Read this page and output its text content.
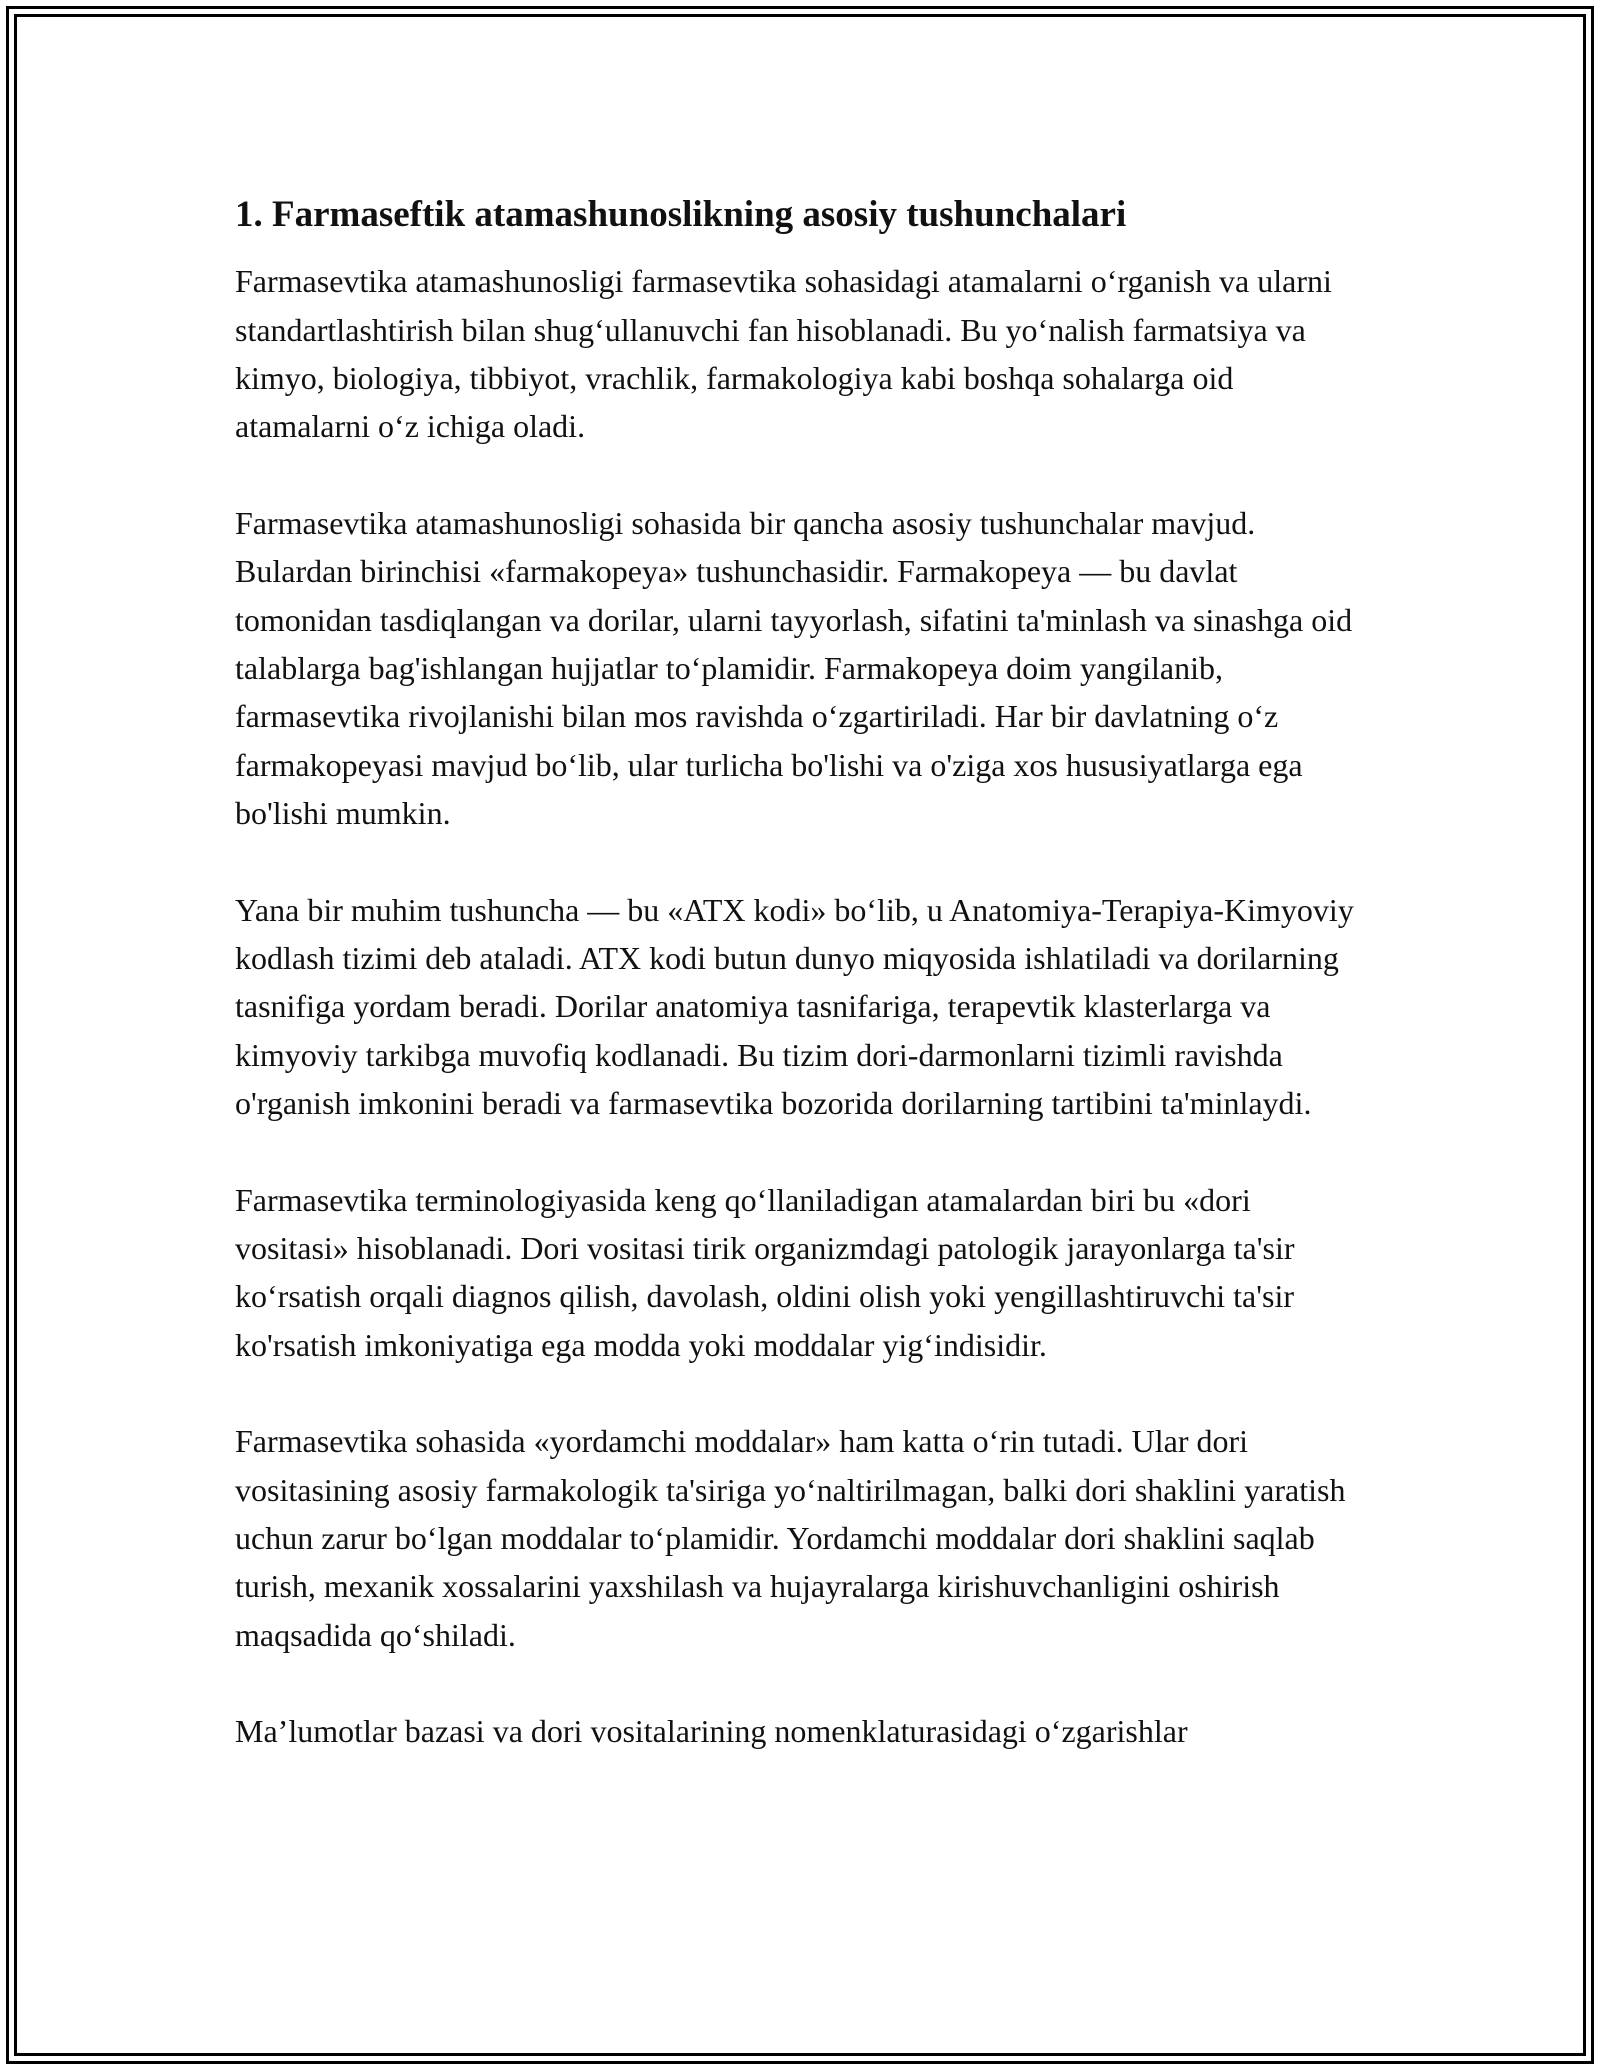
1. Farmaseftik atamashunoslikning asosiy tushunchalari

Farmasevtika atamashunosligi farmasevtika sohasidagi atamalarni o‘rganish va ularni standartlashtirish bilan shug‘ullanuvchi fan hisoblanadi. Bu yo‘nalish farmatsiya va kimyo, biologiya, tibbiyot, vrachlik, farmakologiya kabi boshqa sohalarga oid atamalarni o‘z ichiga oladi.

Farmasevtika atamashunosligi sohasida bir qancha asosiy tushunchalar mavjud. Bulardan birinchisi «farmakopeya» tushunchasidir. Farmakopeya — bu davlat tomonidan tasdiqlangan va dorilar, ularni tayyorlash, sifatini ta'minlash va sinashga oid talablarga bag'ishlangan hujjatlar to‘plamidir. Farmakopeya doim yangilanib, farmasevtika rivojlanishi bilan mos ravishda o‘zgartiriladi. Har bir davlatning o‘z farmakopeyasi mavjud bo‘lib, ular turlicha bo'lishi va o'ziga xos hususiyatlarga ega bo'lishi mumkin.

Yana bir muhim tushuncha — bu «ATX kodi» bo‘lib, u Anatomiya-Terapiya-Kimyoviy kodlash tizimi deb ataladi. ATX kodi butun dunyo miqyosida ishlatiladi va dorilarning tasnifiga yordam beradi. Dorilar anatomiya tasnifariga, terapevtik klasterlarga va kimyoviy tarkibga muvofiq kodlanadi. Bu tizim dori-darmonlarni tizimli ravishda o'rganish imkonini beradi va farmasevtika bozorida dorilarning tartibini ta'minlaydi.

Farmasevtika terminologiyasida keng qo‘llaniladigan atamalardan biri bu «dori vositasi» hisoblanadi. Dori vositasi tirik organizmdagi patologik jarayonlarga ta'sir ko‘rsatish orqali diagnos qilish, davolash, oldini olish yoki yengillashtiruvchi ta'sir ko'rsatish imkoniyatiga ega modda yoki moddalar yig‘indisidir.

Farmasevtika sohasida «yordamchi moddalar» ham katta o‘rin tutadi. Ular dori vositasining asosiy farmakologik ta'siriga yo‘naltirilmagan, balki dori shaklini yaratish uchun zarur bo‘lgan moddalar to‘plamidir. Yordamchi moddalar dori shaklini saqlab turish, mexanik xossalarini yaxshilash va hujayralarga kirishuvchanligini oshirish maqsadida qo‘shiladi.

Ma’lumotlar bazasi va dori vositalarining nomenklaturasidagi o‘zgarishlar
